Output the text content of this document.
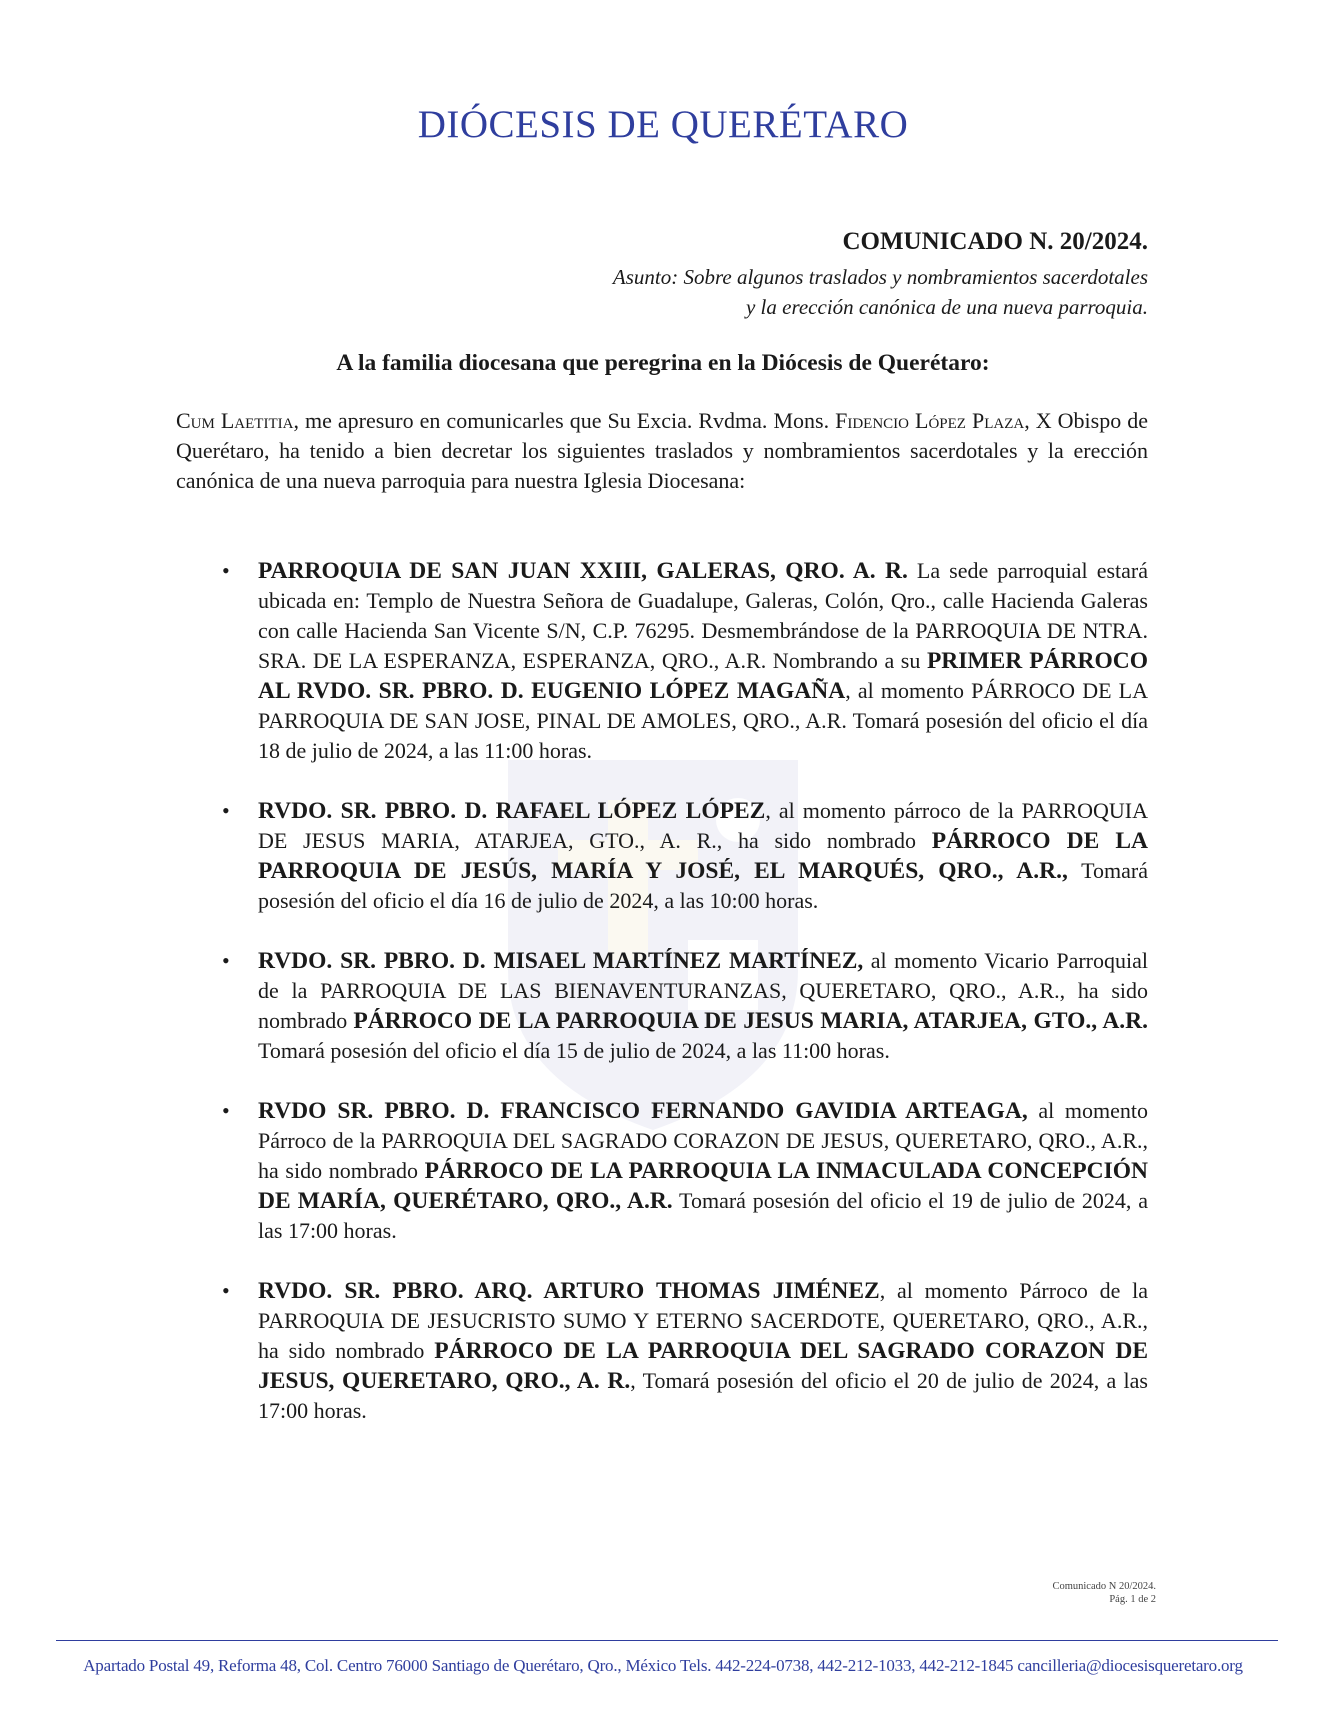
DIÓCESIS DE QUERÉTARO
COMUNICADO N. 20/2024.
Asunto: Sobre algunos traslados y nombramientos sacerdotales
y la erección canónica de una nueva parroquia.
A la familia diocesana que peregrina en la Diócesis de Querétaro:
Cum Laetitia, me apresuro en comunicarles que Su Excia. Rvdma. Mons. Fidencio López Plaza, X Obispo de Querétaro, ha tenido a bien decretar los siguientes traslados y nombramientos sacerdotales y la erección canónica de una nueva parroquia para nuestra Iglesia Diocesana:
• PARROQUIA DE SAN JUAN XXIII, GALERAS, QRO. A. R. La sede parroquial estará ubicada en: Templo de Nuestra Señora de Guadalupe, Galeras, Colón, Qro., calle Hacienda Galeras con calle Hacienda San Vicente S/N, C.P. 76295. Desmembrándose de la PARROQUIA DE NTRA. SRA. DE LA ESPERANZA, ESPERANZA, QRO., A.R. Nombrando a su PRIMER PÁRROCO AL RVDO. SR. PBRO. D. EUGENIO LÓPEZ MAGAÑA, al momento PÁRROCO DE LA PARROQUIA DE SAN JOSE, PINAL DE AMOLES, QRO., A.R. Tomará posesión del oficio el día 18 de julio de 2024, a las 11:00 horas.
• RVDO. SR. PBRO. D. RAFAEL LÓPEZ LÓPEZ, al momento párroco de la PARROQUIA DE JESUS MARIA, ATARJEA, GTO., A. R., ha sido nombrado PÁRROCO DE LA PARROQUIA DE JESÚS, MARÍA Y JOSÉ, EL MARQUÉS, QRO., A.R., Tomará posesión del oficio el día 16 de julio de 2024, a las 10:00 horas.
• RVDO. SR. PBRO. D. MISAEL MARTÍNEZ MARTÍNEZ, al momento Vicario Parroquial de la PARROQUIA DE LAS BIENAVENTURANZAS, QUERETARO, QRO., A.R., ha sido nombrado PÁRROCO DE LA PARROQUIA DE JESUS MARIA, ATARJEA, GTO., A.R. Tomará posesión del oficio el día 15 de julio de 2024, a las 11:00 horas.
• RVDO SR. PBRO. D. FRANCISCO FERNANDO GAVIDIA ARTEAGA, al momento Párroco de la PARROQUIA DEL SAGRADO CORAZON DE JESUS, QUERETARO, QRO., A.R., ha sido nombrado PÁRROCO DE LA PARROQUIA LA INMACULADA CONCEPCIÓN DE MARÍA, QUERÉTARO, QRO., A.R. Tomará posesión del oficio el 19 de julio de 2024, a las 17:00 horas.
• RVDO. SR. PBRO. ARQ. ARTURO THOMAS JIMÉNEZ, al momento Párroco de la PARROQUIA DE JESUCRISTO SUMO Y ETERNO SACERDOTE, QUERETARO, QRO., A.R., ha sido nombrado PÁRROCO DE LA PARROQUIA DEL SAGRADO CORAZON DE JESUS, QUERETARO, QRO., A. R., Tomará posesión del oficio el 20 de julio de 2024, a las 17:00 horas.
Comunicado N 20/2024.
Pág. 1 de 2
Apartado Postal 49, Reforma 48, Col. Centro 76000 Santiago de Querétaro, Qro., México Tels. 442-224-0738, 442-212-1033, 442-212-1845 cancilleria@diocesisqueretaro.org
